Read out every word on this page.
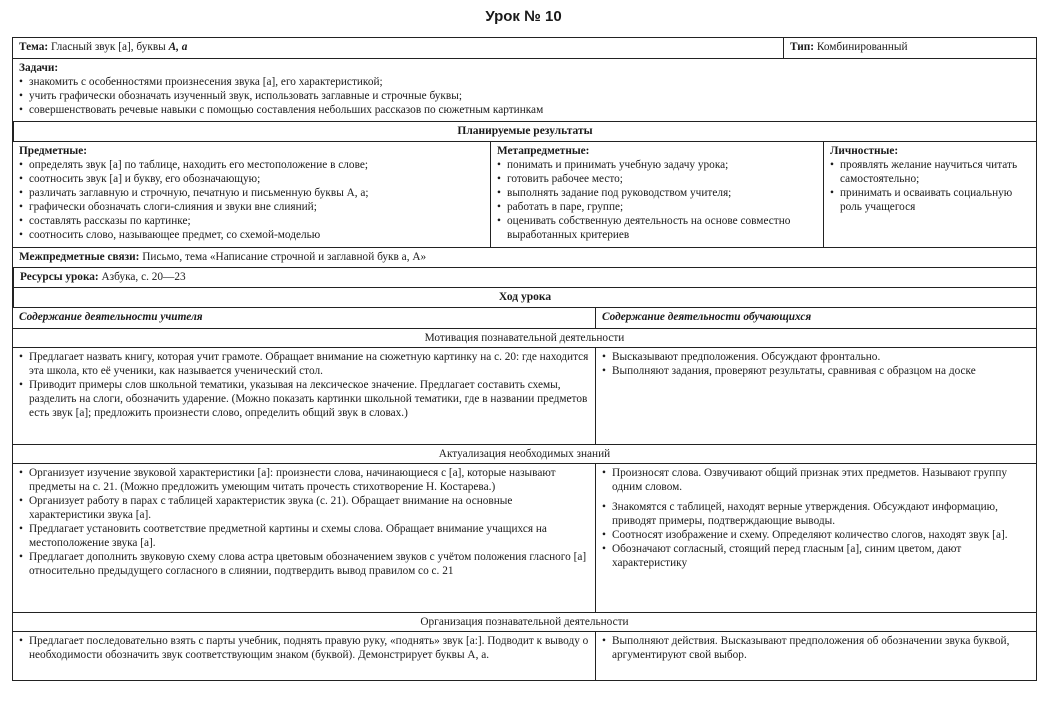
Урок № 10
Тема: Гласный звук [а], буквы А, а	Тип: Комбинированный
Задачи:
• знакомить с особенностями произнесения звука [а], его характеристикой;
• учить графически обозначать изученный звук, использовать заглавные и строчные буквы;
• совершенствовать речевые навыки с помощью составления небольших рассказов по сюжетным картинкам
Планируемые результаты
Предметные:
• определять звук [а] по таблице, находить его местоположение в слове;
• соотносить звук [а] и букву, его обозначающую;
• различать заглавную и строчную, печатную и письменную буквы А, а;
• графически обозначать слоги-слияния и звуки вне слияний;
• составлять рассказы по картинке;
• соотносить слово, называющее предмет, со схемой-моделью
Метапредметные:
• понимать и принимать учебную задачу урока;
• готовить рабочее место;
• выполнять задание под руководством учителя;
• работать в паре, группе;
• оценивать собственную деятельность на основе совместно выработанных критериев
Личностные:
• проявлять желание научиться читать самостоятельно;
• принимать и осваивать социальную роль учащегося
Межпредметные связи: Письмо, тема «Написание строчной и заглавной букв а, А»
Ресурсы урока: Азбука, с. 20—23
Ход урока
Содержание деятельности учителя	Содержание деятельности обучающихся
Мотивация познавательной деятельности
• Предлагает назвать книгу, которая учит грамоте. Обращает внимание на сюжетную картинку на с. 20: где находится эта школа, кто её ученики, как называется ученический стол.
• Приводит примеры слов школьной тематики, указывая на лексическое значение. Предлагает составить схемы, разделить на слоги, обозначить ударение. (Можно показать картинки школьной тематики, где в названии предметов есть звук [а]; предложить произнести слово, определить общий звук в словах.)
• Высказывают предположения. Обсуждают фронтально.
• Выполняют задания, проверяют результаты, сравнивая с образцом на доске
Актуализация необходимых знаний
• Организует изучение звуковой характеристики [а]: произнести слова, начинающиеся с [а], которые называют предметы на с. 21. (Можно предложить умеющим читать прочесть стихотворение Н. Костарева.)
• Организует работу в парах с таблицей характеристик звука (с. 21). Обращает внимание на основные характеристики звука [а].
• Предлагает установить соответствие предметной картины и схемы слова. Обращает внимание учащихся на местоположение звука [а].
• Предлагает дополнить звуковую схему слова астра цветовым обозначением звуков с учётом положения гласного [а] относительно предыдущего согласного в слиянии, подтвердить вывод правилом со с. 21
• Произносят слова. Озвучивают общий признак этих предметов. Называют группу одним словом.
• Знакомятся с таблицей, находят верные утверждения. Обсуждают информацию, приводят примеры, подтверждающие выводы.
• Соотносят изображение и схему. Определяют количество слогов, находят звук [а].
• Обозначают согласный, стоящий перед гласным [а], синим цветом, дают характеристику
Организация познавательной деятельности
• Предлагает последовательно взять с парты учебник, поднять правую руку, «поднять» звук [а:]. Подводит к выводу о необходимости обозначить звук соответствующим знаком (буквой). Демонстрирует буквы А, а.
• Выполняют действия. Высказывают предположения об обозначении звука буквой, аргументируют свой выбор.
